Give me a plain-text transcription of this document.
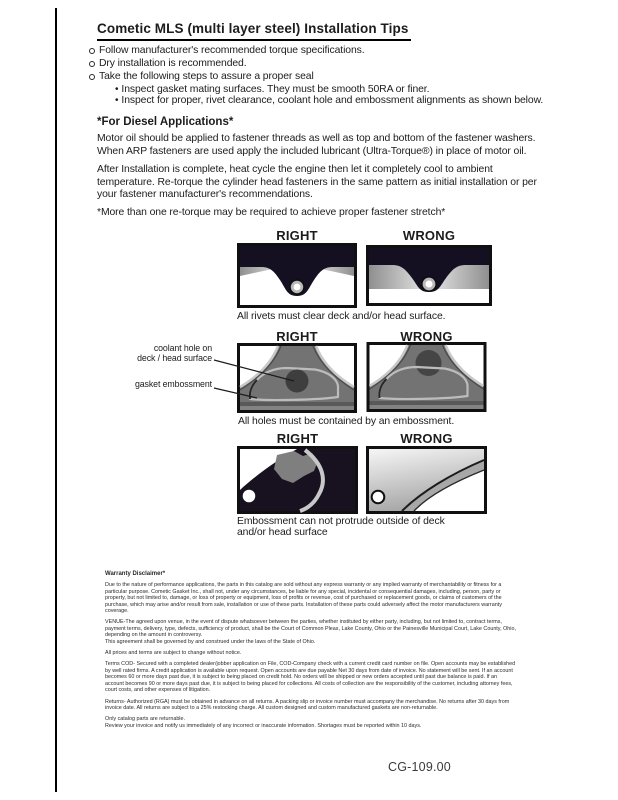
Cometic MLS (multi layer steel) Installation Tips
Follow manufacturer's recommended torque specifications.
Dry installation is recommended.
Take the following steps to assure a proper seal
• Inspect gasket mating surfaces. They must be smooth 50RA or finer.
• Inspect for proper, rivet clearance, coolant hole and embossment alignments as shown below.
*For Diesel Applications*
Motor oil should be applied to fastener threads as well as top and bottom of the fastener washers. When ARP fasteners are used apply the included lubricant (Ultra-Torque®) in place of motor oil.
After Installation is complete, heat cycle the engine then let it completely cool to ambient temperature. Re-torque the cylinder head fasteners in the same pattern as initial installation or per your fastener manufacturer's recommendations.
*More than one re-torque may be required to achieve proper fastener stretch*
RIGHT	WRONG
All rivets must clear deck and/or head surface.
RIGHT	WRONG
coolant hole on
deck / head surface
gasket embossment
All holes must be contained by an embossment.
RIGHT	WRONG
Embossment can not protrude outside of deck and/or head surface
Warranty Disclaimer*

Due to the nature of performance applications, the parts in this catalog are sold without any express warranty or any implied warranty of merchantability or fitness for a particular purpose. Cometic Gasket Inc., shall not, under any circumstances, be liable for any special, incidental or consequential damages, including, person, party or property, but not limited to, damage, or loss of property or equipment, loss of profits or revenue, cost of purchased or replacement goods, or claims of customers of the purchase, which may arise and/or result from sale, installation or use of these parts. Installation of these parts could adversely affect the motor manufacturers warranty coverage.

VENUE-The agreed upon venue, in the event of dispute whatsoever between the parties, whether instituted by either party, including, but not limited to, contract terms, payment terms, delivery, type, defects, sufficiency of product, shall be the Court of Common Pleas, Lake County, Ohio or the Painesville Municipal Court, Lake County, Ohio, depending on the amount in controversy.

This agreement shall be governed by and construed under the laws of the State of Ohio.

All prices and terms are subject to change without notice.

Terms COD- Secured with a completed dealer/jobber application on File, COD-Company check with a current credit card number on file. Open accounts may be established by well rated firms. A credit application is available upon request. Open accounts are due payable Net 30 days from date of invoice. No statement will be sent. If an account becomes 60 or more days past due, it is subject to being placed on credit hold. No orders will be shipped or new orders accepted until past due balance is paid. If an account becomes 90 or more days past due, it is subject to being placed for collections. All costs of collection are the responsibility of the customer, including attorney fees, court costs, and other expenses of litigation.

Returns- Authorized (RGA) must be obtained in advance on all returns. A packing slip or invoice number must accompany the merchandise. No returns after 30 days from invoice date. All returns are subject to a 25% restocking charge. All custom designed and custom manufactured gaskets are non-returnable.

Only catalog parts are returnable.

Review your invoice and notify us immediately of any incorrect or inaccurate information. Shortages must be reported within 10 days.

CG-109.00
